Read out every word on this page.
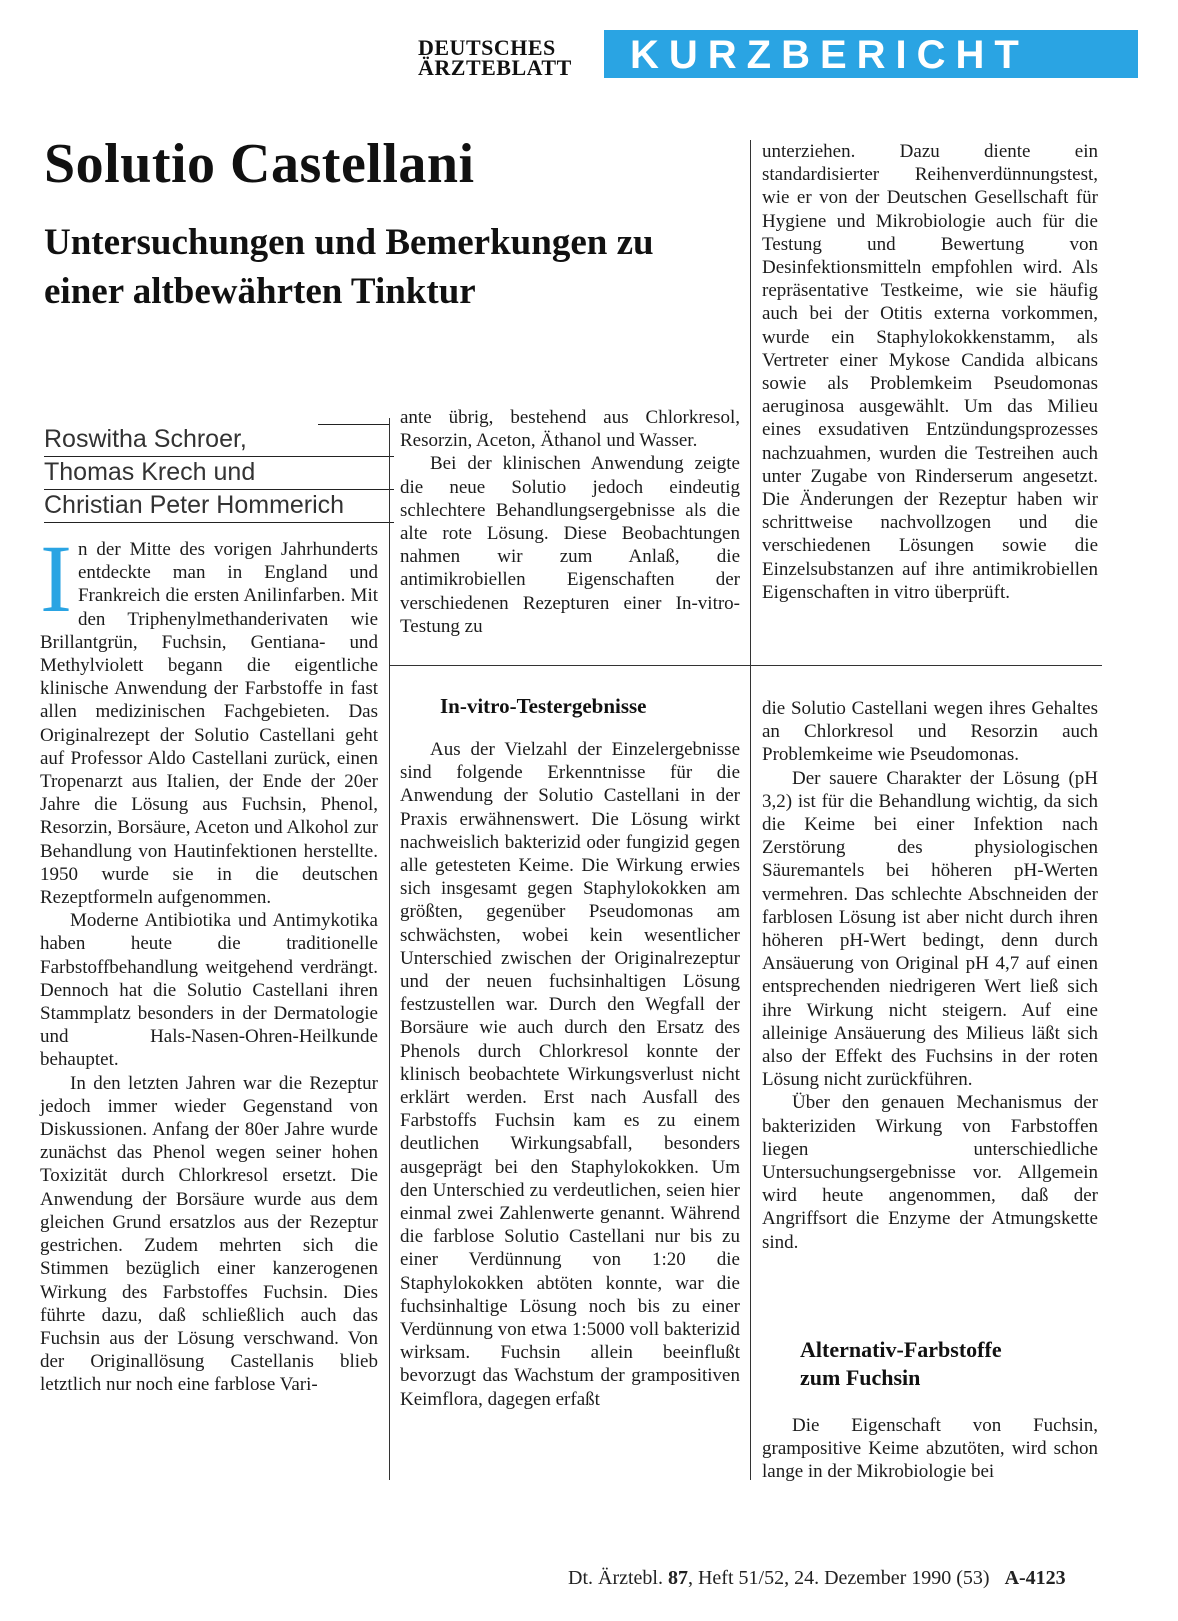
DEUTSCHES
ÄRZTEBLATT KURZBERICHT
Solutio Castellani
Untersuchungen und Bemerkungen zu einer altbewährten Tinktur
Roswitha Schroer,
Thomas Krech und
Christian Peter Hommerich

In der Mitte des vorigen Jahrhunderts entdeckte man in England und Frankreich die ersten Anilinfarben. Mit den Triphenylmethanderivaten wie Brillantgrün, Fuchsin, Gentiana- und Methylviolett begann die eigentliche klinische Anwendung der Farbstoffe in fast allen medizinischen Fachgebieten. Das Originalrezept der Solutio Castellani geht auf Professor Aldo Castellani zurück, einen Tropenarzt aus Italien, der Ende der 20er Jahre die Lösung aus Fuchsin, Phenol, Resorzin, Borsäure, Aceton und Alkohol zur Behandlung von Hautinfektionen herstellte. 1950 wurde sie in die deutschen Rezeptformeln aufgenommen.

Moderne Antibiotika und Antimykotika haben heute die traditionelle Farbstoffbehandlung weitgehend verdrängt. Dennoch hat die Solutio Castellani ihren Stammplatz besonders in der Dermatologie und Hals-Nasen-Ohren-Heilkunde behauptet.

In den letzten Jahren war die Rezeptur jedoch immer wieder Gegenstand von Diskussionen. Anfang der 80er Jahre wurde zunächst das Phenol wegen seiner hohen Toxizität durch Chlorkresol ersetzt. Die Anwendung der Borsäure wurde aus dem gleichen Grund ersatzlos aus der Rezeptur gestrichen. Zudem mehrten sich die Stimmen bezüglich einer kanzerogenen Wirkung des Farbstoffes Fuchsin. Dies führte dazu, daß schließlich auch das Fuchsin aus der Lösung verschwand. Von der Originallösung Castellanis blieb letztlich nur noch eine farblose Vari-

ante übrig, bestehend aus Chlorkresol, Resorzin, Aceton, Äthanol und Wasser.

Bei der klinischen Anwendung zeigte die neue Solutio jedoch eindeutig schlechtere Behandlungsergebnisse als die alte rote Lösung. Diese Beobachtungen nahmen wir zum Anlaß, die antimikrobiellen Eigenschaften der verschiedenen Rezepturen einer In-vitro-Testung zu

In-vitro-Testergebnisse

Aus der Vielzahl der Einzelergebnisse sind folgende Erkenntnisse für die Anwendung der Solutio Castellani in der Praxis erwähnenswert. Die Lösung wirkt nachweislich bakterizid oder fungizid gegen alle getesteten Keime. Die Wirkung erwies sich insgesamt gegen Staphylokokken am größten, gegenüber Pseudomonas am schwächsten, wobei kein wesentlicher Unterschied zwischen der Originalrezeptur und der neuen fuchsinhaltigen Lösung festzustellen war. Durch den Wegfall der Borsäure wie auch durch den Ersatz des Phenols durch Chlorkresol konnte der klinisch beobachtete Wirkungsverlust nicht erklärt werden. Erst nach Ausfall des Farbstoffs Fuchsin kam es zu einem deutlichen Wirkungsabfall, besonders ausgeprägt bei den Staphylokokken. Um den Unterschied zu verdeutlichen, seien hier einmal zwei Zahlenwerte genannt. Während die farblose Solutio Castellani nur bis zu einer Verdünnung von 1:20 die Staphylokokken abtöten konnte, war die fuchsinhaltige Lösung noch bis zu einer Verdünnung von etwa 1:5000 voll bakterizid wirksam. Fuchsin allein beeinflußt bevorzugt das Wachstum der grampositiven Keimflora, dagegen erfaßt

unterziehen. Dazu diente ein standardisierter Reihenverdünnungstest, wie er von der Deutschen Gesellschaft für Hygiene und Mikrobiologie auch für die Testung und Bewertung von Desinfektionsmitteln empfohlen wird. Als repräsentative Testkeime, wie sie häufig auch bei der Otitis externa vorkommen, wurde ein Staphylokokkenstamm, als Vertreter einer Mykose Candida albicans sowie als Problemkeim Pseudomonas aeruginosa ausgewählt. Um das Milieu eines exsudativen Entzündungsprozesses nachzuahmen, wurden die Testreihen auch unter Zugabe von Rinderserum angesetzt. Die Änderungen der Rezeptur haben wir schrittweise nachvollzogen und die verschiedenen Lösungen sowie die Einzelsubstanzen auf ihre antimikrobiellen Eigenschaften in vitro überprüft.

die Solutio Castellani wegen ihres Gehaltes an Chlorkresol und Resorzin auch Problemkeime wie Pseudomonas.

Der sauere Charakter der Lösung (pH 3,2) ist für die Behandlung wichtig, da sich die Keime bei einer Infektion nach Zerstörung des physiologischen Säuremantels bei höheren pH-Werten vermehren. Das schlechte Abschneiden der farblosen Lösung ist aber nicht durch ihren höheren pH-Wert bedingt, denn durch Ansäuerung von Original pH 4,7 auf einen entsprechenden niedrigeren Wert ließ sich ihre Wirkung nicht steigern. Auf eine alleinige Ansäuerung des Milieus läßt sich also der Effekt des Fuchsins in der roten Lösung nicht zurückführen.

Über den genauen Mechanismus der bakteriziden Wirkung von Farbstoffen liegen unterschiedliche Untersuchungsergebnisse vor. Allgemein wird heute angenommen, daß der Angriffsort die Enzyme der Atmungskette sind.

Alternativ-Farbstoffe
zum Fuchsin

Die Eigenschaft von Fuchsin, grampositive Keime abzutöten, wird schon lange in der Mikrobiologie bei

Dt. Ärztebl. 87, Heft 51/52, 24. Dezember 1990 (53) A-4123
